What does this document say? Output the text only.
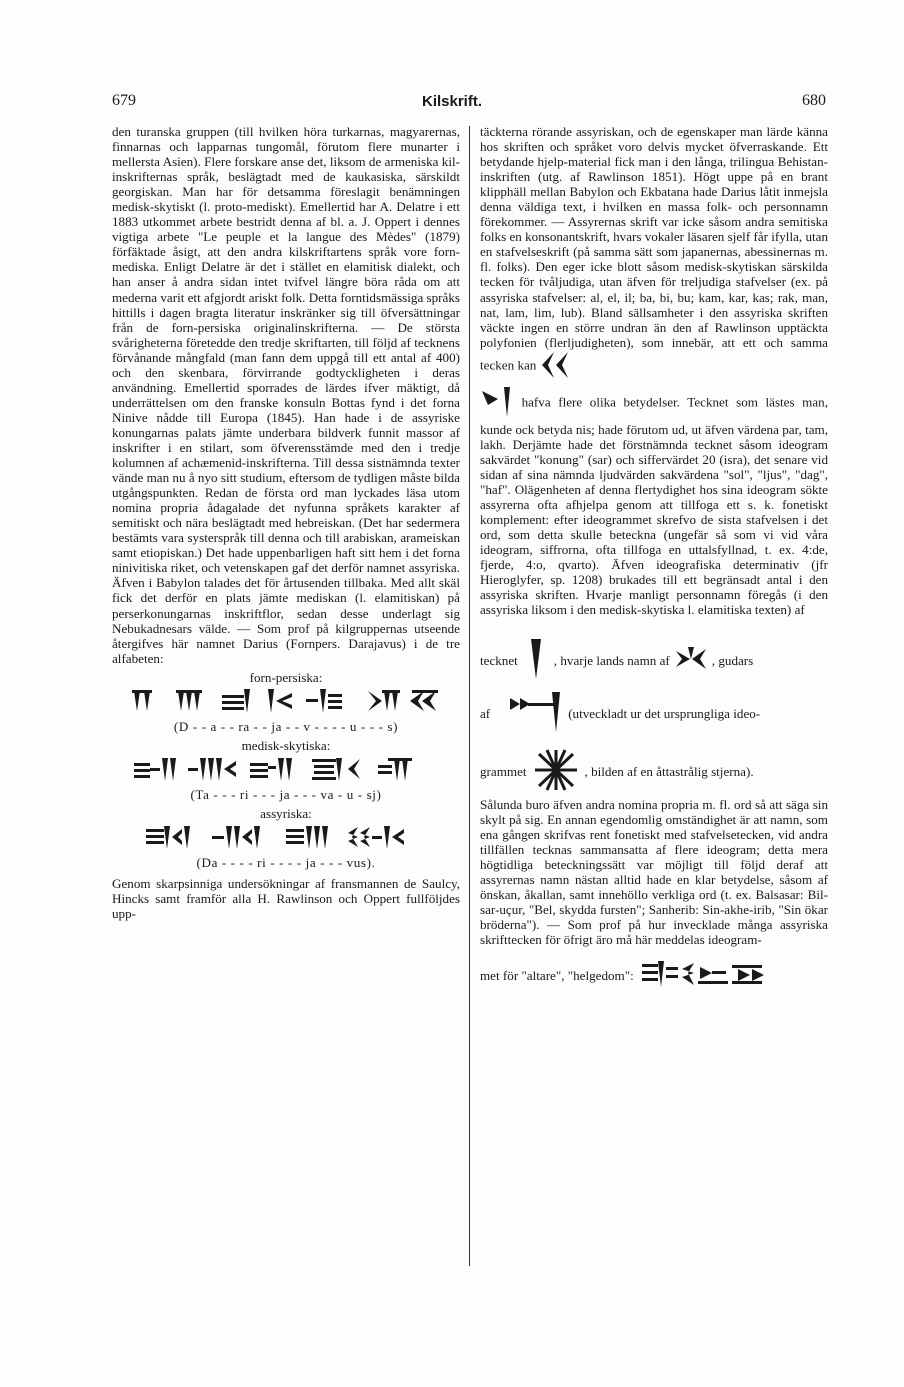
679	Kilskrift.	680

den turanska gruppen (till hvilken höra turkarnas, magyarernas, finnarnas och lapparnas tungomål, förutom flere munarter i mellersta Asien). Flere forskare anse det, liksom de armeniska kil-inskrifternas språk, beslägtadt med de kaukasiska, särskildt georgiskan. Man har för detsamma föreslagit benämningen medisk-skytiskt (l. proto-mediskt). Emellertid har A. Delatre i ett 1883 utkommet arbete bestridt denna af bl. a. J. Oppert i dennes vigtiga arbete "Le peuple et la langue des Mèdes" (1879) förfäktade åsigt, att den andra kilskriftartens språk vore forn-mediska. Enligt Delatre är det i stället en elamitisk dialekt, och han anser å andra sidan intet tvifvel längre böra råda om att mederna varit ett afgjordt ariskt folk. Detta forntidsmässiga språks hittills i dagen bragta literatur inskränker sig till öfversättningar från de forn-persiska originalinskrifterna. — De största svårigheterna företedde den tredje skriftarten, till följd af tecknens förvånande mångfald (man fann dem uppgå till ett antal af 400) och den skenbara, förvirrande godtyckligheten i deras användning. Emellertid sporrades de lärdes ifver mäktigt, då underrättelsen om den franske konsuln Bottas fynd i det forna Ninive nådde till Europa (1845). Han hade i de assyriske konungarnas palats jämte underbara bildverk funnit massor af inskrifter i en stilart, som öfverensstämde med den i tredje kolumnen af achæmenid-inskrifterna. Till dessa sistnämnda texter vände man nu å nyo sitt studium, eftersom de tydligen måste bilda utgångspunkten. Redan de första ord man lyckades läsa utom nomina propria ådagalade det nyfunna språkets karakter af semitiskt och nära beslägtadt med hebreiskan. (Det har sedermera bestämts vara systerspråk till denna och till arabiskan, arameiskan samt etiopiskan.) Det hade uppenbarligen haft sitt hem i det forna ninivitiska riket, och vetenskapen gaf det derför namnet assyriska. Äfven i Babylon talades det för årtusenden tillbaka. Med allt skäl fick det derför en plats jämte mediskan (l. elamitiskan) på perserkonungarnas inskriftflor, sedan desse underlagt sig Nebukadnesars välde. — Som prof på kilgruppernas utseende återgifves här namnet Darius (Fornpers. Darajavus) i de tre alfabeten:

forn-persiska:
(D - - a - - ra - - ja - - v - - - - u - - - s)
medisk-skytiska:
(Ta - - - ri - - - ja - - - va - u - sj)
assyriska:
(Da - - - - ri - - - - ja - - - vus).

Genom skarpsinniga undersökningar af fransmannen de Saulcy, Hincks samt framför alla H. Rawlinson och Oppert fullföljdes upp-

täckterna rörande assyriskan, och de egenskaper man lärde känna hos skriften och språket voro delvis mycket öfverraskande. Ett betydande hjelp-material fick man i den långa, trilingua Behistan-inskriften (utg. af Rawlinson 1851). Högt uppe på en brant klipphäll mellan Babylon och Ekbatana hade Darius låtit inmejsla denna väldiga text, i hvilken en massa folk- och personnamn förekommer. — Assyrernas skrift var icke såsom andra semitiska folks en konsonantskrift, hvars vokaler läsaren sjelf får ifylla, utan en stafvelseskrift (på samma sätt som japanernas, abessinernas m. fl. folks). Den eger icke blott såsom medisk-skytiskan särskilda tecken för tvåljudiga, utan äfven för treljudiga stafvelser (ex. på assyriska stafvelser: al, el, il; ba, bi, bu; kam, kar, kas; rak, man, nat, lam, lim, lub). Bland sällsamheter i den assyriska skriften väckte ingen en större undran än den af Rawlinson upptäckta polyfonien (flerljudigheten), som innebär, att ett och samma tecken kan

hafva flere olika betydelser. Tecknet som lästes man, kunde ock betyda nis; hade förutom ud, ut äfven värdena par, tam, lakh. Derjämte hade det förstnämnda tecknet såsom ideogram sakvärdet "konung" (sar) och siffervärdet 20 (isra), det senare vid sidan af sina nämnda ljudvärden sakvärdena "sol", "ljus", "dag", "haf". Olägenheten af denna flertydighet hos sina ideogram sökte assyrerna ofta afhjelpa genom att tillfoga ett s. k. fonetiskt komplement: efter ideogrammet skrefvo de sista stafvelsen i det ord, som detta skulle beteckna (ungefär så som vi vid våra ideogram, siffrorna, ofta tillfoga en uttalsfyllnad, t. ex. 4:de, fjerde, 4:o, qvarto). Äfven ideografiska determinativ (jfr Hieroglyfer, sp. 1208) brukades till ett begränsadt antal i den assyriska skriften. Hvarje manligt personnamn föregås (i den assyriska liksom i den medisk-skytiska l. elamitiska texten) af

tecknet	, hvarje lands namn af	, gudars
af	(utveckladt ur det ursprungliga ideo-
grammet	, bilden af en åttastrålig stjerna).

Sålunda buro äfven andra nomina propria m. fl. ord så att säga sin skylt på sig. En annan egendomlig omständighet är att namn, som ena gången skrifvas rent fonetiskt med stafvelsetecken, vid andra tillfällen tecknas sammansatta af flere ideogram; detta mera högtidliga beteckningssätt var möjligt till följd deraf att assyrernas namn nästan alltid hade en klar betydelse, såsom af önskan, åkallan, samt innehöllo verkliga ord (t. ex. Balsasar: Bil-sar-uçur, "Bel, skydda fursten"; Sanherib: Sin-akhe-irib, "Sin ökar bröderna"). — Som prof på hur invecklade många assyriska skrifttecken för öfrigt äro må här meddelas ideogram-

met för "altare", "helgedom":
